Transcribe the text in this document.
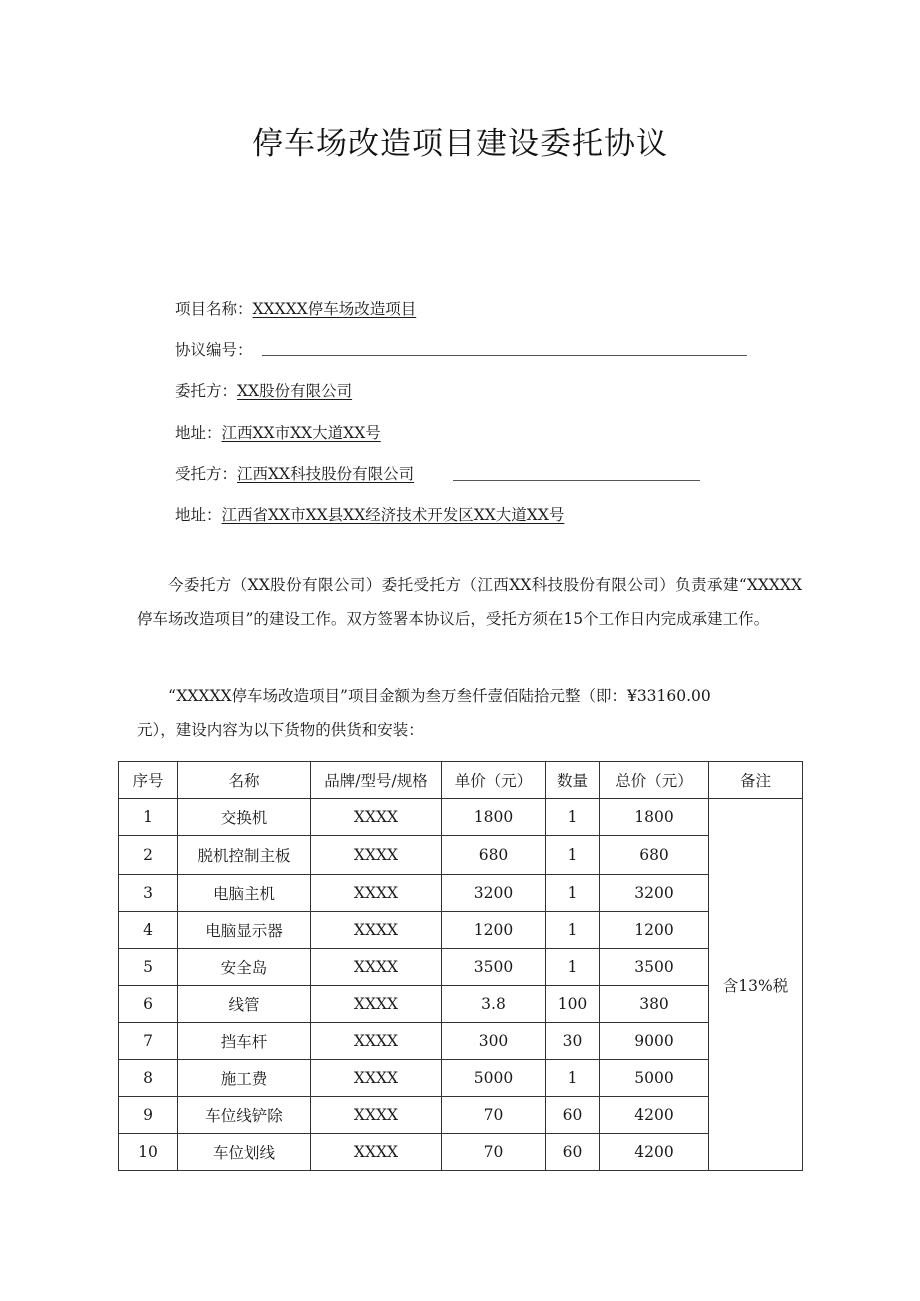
停车场改造项目建设委托协议
项目名称：XXXXX停车场改造项目
协议编号：
委托方：XX股份有限公司
地址：江西XX市XX大道XX号
受托方：江西XX科技股份有限公司
地址：江西省XX市XX县XX经济技术开发区XX大道XX号
今委托方（XX股份有限公司）委托受托方（江西XX科技股份有限公司）负责承建“XXXXX停车场改造项目”的建设工作。双方签署本协议后，受托方须在15个工作日内完成承建工作。
“XXXXX停车场改造项目”项目金额为叁万叁仟壹佰陆拾元整（即：¥33160.00
元），建设内容为以下货物的供货和安装：
序号	名称	品牌/型号/规格	单价（元）	数量	总价（元）	备注
1	交换机	XXXX	1800	1	1800	含13%税
2	脱机控制主板	XXXX	680	1	680	
3	电脑主机	XXXX	3200	1	3200	
4	电脑显示器	XXXX	1200	1	1200	
5	安全岛	XXXX	3500	1	3500	
6	线管	XXXX	3.8	100	380	
7	挡车杆	XXXX	300	30	9000	
8	施工费	XXXX	5000	1	5000	
9	车位线铲除	XXXX	70	60	4200	
10	车位划线	XXXX	70	60	4200	
